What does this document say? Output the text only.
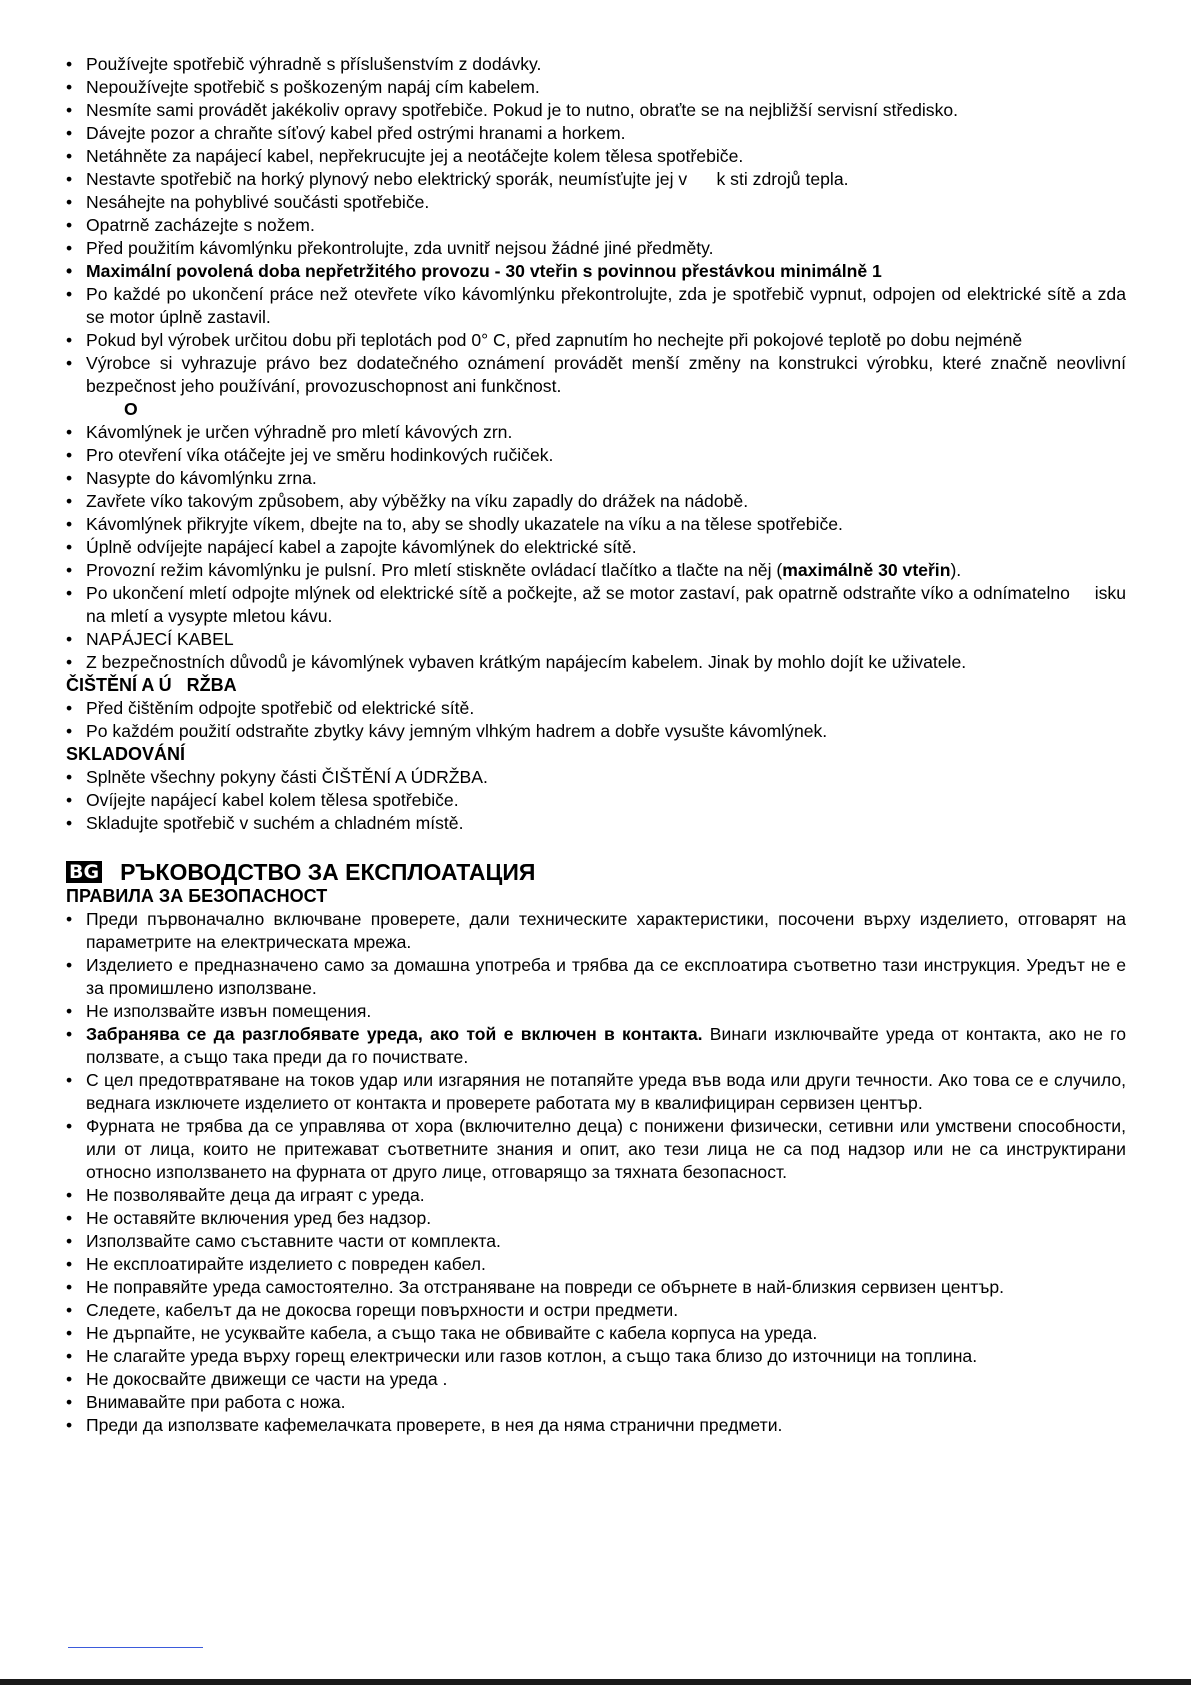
• Používejte spotřebič výhradně s příslušenstvím z dodávky.
• Nepoužívejte spotřebič s poškozeným napáj cím kabelem.
• Nesmíte sami provádět jakékoliv opravy spotřebiče. Pokud je to nutno, obraťte se na nejbližší servisní středisko.
• Dávejte pozor a chraňte síťový kabel před ostrými hranami a horkem.
• Netáhněte za napájecí kabel, nepřekrucujte jej a neotáčejte kolem tělesa spotřebiče.
• Nestavte spotřebič na horký plynový nebo elektrický sporák, neumísťujte jej v      k sti zdrojů tepla.
• Nesáhejte na pohyblivé součásti spotřebiče.
• Opatrně zacházejte s nožem.
• Před použitím kávomlýnku překontrolujte, zda uvnitř nejsou žádné jiné předměty.
• Maximální povolená doba nepřetržitého provozu - 30 vteřin s povinnou přestávkou minimálně 1
• Po každé po ukončení práce než otevřete víko kávomlýnku překontrolujte, zda je spotřebič vypnut, odpojen od elektrické sítě a zda se motor úplně zastavil.
• Pokud byl výrobek určitou dobu při teplotách pod 0° C, před zapnutím ho nechejte při pokojové teplotě po dobu nejméně
• Výrobce si vyhrazuje právo bez dodatečného oznámení provádět menší změny na konstrukci výrobku, které značně neovlivní bezpečnost jeho používání, provozuschopnost ani funkčnost.
O
• Kávomlýnek je určen výhradně pro mletí kávových zrn.
• Pro otevření víka otáčejte jej ve směru hodinkových ručiček.
• Nasypte do kávomlýnku zrna.
• Zavřete víko takovým způsobem, aby výběžky na víku zapadly do drážek na nádobě.
• Kávomlýnek přikryjte víkem, dbejte na to, aby se shodly ukazatele na víku a na tělese spotřebiče.
• Úplně odvíjejte napájecí kabel a zapojte kávomlýnek do elektrické sítě.
• Provozní režim kávomlýnku je pulsní. Pro mletí stiskněte ovládací tlačítko a tlačte na něj (maximálně 30 vteřin).
• Po ukončení mletí odpojte mlýnek od elektrické sítě a počkejte, až se motor zastaví, pak opatrně odstraňte víko a odnímatelno     isku na mletí a vysypte mletou kávu.
• NAPÁJECÍ KABEL
• Z bezpečnostních důvodů je kávomlýnek vybaven krátkým napájecím kabelem. Jinak by mohlo dojít ke uživatele.
ČIŠTĚNÍ A Ú   RŽBA
• Před čištěním odpojte spotřebič od elektrické sítě.
• Po každém použití odstraňte zbytky kávy jemným vlhkým hadrem a dobře vysušte kávomlýnek.
SKLADOVÁNÍ
• Splněte všechny pokyny části ČIŠTĚNÍ A ÚDRŽBA.
• Ovíjejte napájecí kabel kolem tělesa spotřebiče.
• Skladujte spotřebič v suchém a chladném místě.
BG РЪКОВОДСТВО ЗА ЕКСПЛОАТАЦИЯ
ПРАВИЛА ЗА БЕЗОПАСНОСТ
• Преди първоначално включване проверете, дали техническите характеристики, посочени върху изделието, отговарят на параметрите на електрическата мрежа.
• Изделието е предназначено само за домашна употреба и трябва да се експлоатира съответно тази инструкция. Уредът не е за промишлено използване.
• Не използвайте извън помещения.
• Забранява се да разглобявате уреда, ако той е включен в контакта. Винаги изключвайте уреда от контакта, ако не го ползвате, а също така преди да го почиствате.
• С цел предотвратяване на токов удар или изгаряния не потапяйте уреда във вода или други течности. Ако това се е случило, веднага изключете изделието от контакта и проверете работата му в квалифициран сервизен център.
• Фурната не трябва да се управлява от хора (включително деца) с понижени физически, сетивни или умствени способности, или от лица, които не притежават съответните знания и опит, ако тези лица не са под надзор или не са инструктирани относно използването на фурната от друго лице, отговарящо за тяхната безопасност.
• Не позволявайте деца да играят с уреда.
• Не оставяйте включения уред без надзор.
• Използвайте само съставните части от комплекта.
• Не експлоатирайте изделието с повреден кабел.
• Не поправяйте уреда самостоятелно. За отстраняване на повреди се обърнете в най-близкия сервизен център.
• Следете, кабелът да не докосва горещи повърхности и остри предмети.
• Не дърпайте, не усуквайте кабела, а също така не обвивайте с кабела корпуса на уреда.
• Не слагайте уреда върху горещ електрически или газов котлон, а също така близо до източници на топлина.
• Не докосвайте движещи се части на уреда .
• Внимавайте при работа с ножа.
• Преди да използвате кафемелачката проверете, в нея да няма странични предмети.
